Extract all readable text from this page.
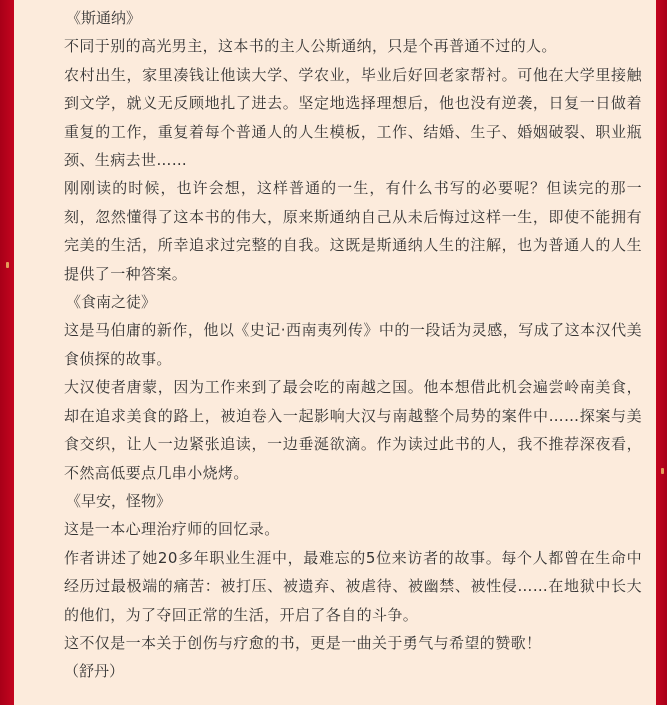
《斯通纳》

不同于别的高光男主，这本书的主人公斯通纳，只是个再普通不过的人。

农村出生，家里凑钱让他读大学、学农业，毕业后好回老家帮衬。可他在大学里接触到文学，就义无反顾地扎了进去。坚定地选择理想后，他也没有逆袭，日复一日做着重复的工作，重复着每个普通人的人生模板，工作、结婚、生子、婚姻破裂、职业瓶颈、生病去世……

刚刚读的时候，也许会想，这样普通的一生，有什么书写的必要呢？但读完的那一刻，忽然懂得了这本书的伟大，原来斯通纳自己从未后悔过这样一生，即使不能拥有完美的生活，所幸追求过完整的自我。这既是斯通纳人生的注解，也为普通人的人生提供了一种答案。

《食南之徒》

这是马伯庸的新作，他以《史记·西南夷列传》中的一段话为灵感，写成了这本汉代美食侦探的故事。

大汉使者唐蒙，因为工作来到了最会吃的南越之国。他本想借此机会遍尝岭南美食，却在追求美食的路上，被迫卷入一起影响大汉与南越整个局势的案件中……探案与美食交织，让人一边紧张追读，一边垂涎欲滴。作为读过此书的人，我不推荐深夜看，不然高低要点几串小烧烤。

《早安，怪物》

这是一本心理治疗师的回忆录。

作者讲述了她20多年职业生涯中，最难忘的5位来访者的故事。每个人都曾在生命中经历过最极端的痛苦：被打压、被遗弃、被虐待、被幽禁、被性侵……在地狱中长大的他们，为了夺回正常的生活，开启了各自的斗争。

这不仅是一本关于创伤与疗愈的书，更是一曲关于勇气与希望的赞歌！

（舒丹）
